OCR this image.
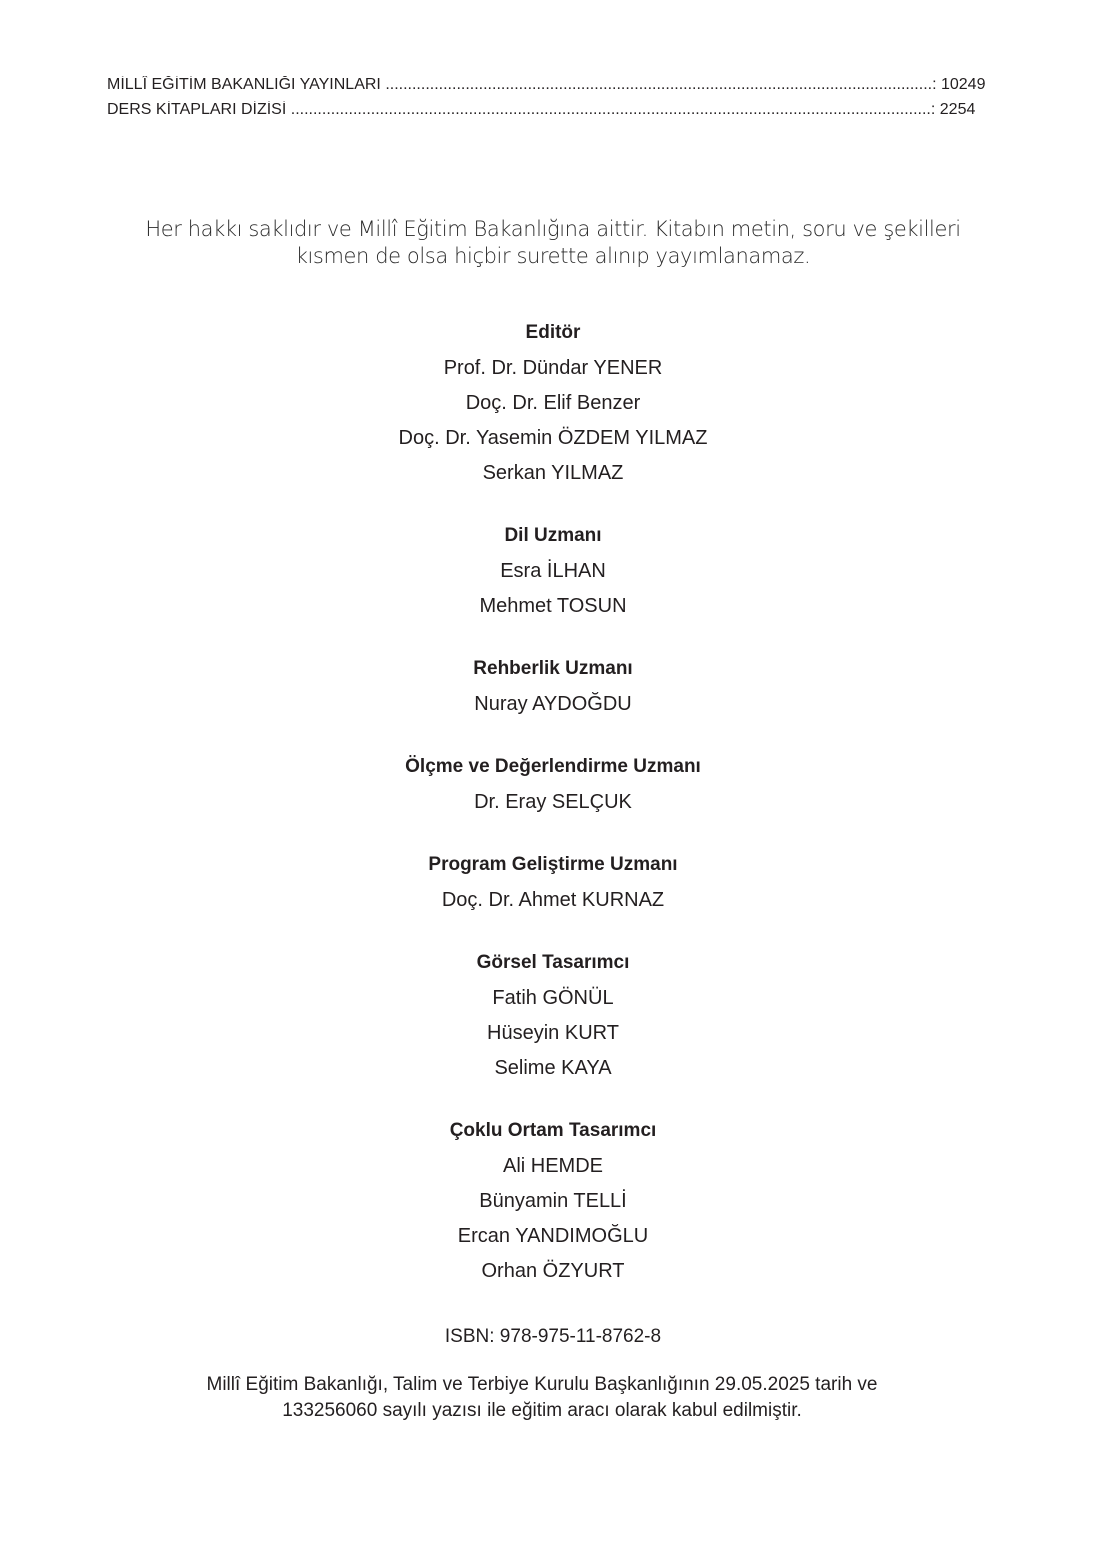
MİLLÎ EĞİTİM BAKANLIĞI YAYINLARI ...........................................................................................................................: 10249
DERS KİTAPLARI DİZİSİ ................................................................................................................................................: 2254

Her hakkı saklıdır ve Millî Eğitim Bakanlığına aittir. Kitabın metin, soru ve şekilleri

kısmen de olsa hiçbir surette alınıp yayımlanamaz.

Editör
Prof. Dr. Dündar YENER
Doç. Dr. Elif Benzer
Doç. Dr. Yasemin ÖZDEM YILMAZ
Serkan YILMAZ
Dil Uzmanı
Esra İLHAN
Mehmet TOSUN
Rehberlik Uzmanı
Nuray AYDOĞDU
Ölçme ve Değerlendirme Uzmanı
Dr. Eray SELÇUK
Program Geliştirme Uzmanı
Doç. Dr. Ahmet KURNAZ
Görsel Tasarımcı
Fatih GÖNÜL
Hüseyin KURT
Selime KAYA
Çoklu Ortam Tasarımcı
Ali HEMDE
Bünyamin TELLİ
Ercan YANDIMOĞLU
Orhan ÖZYURT
ISBN: 978-975-11-8762-8

Millî Eğitim Bakanlığı, Talim ve Terbiye Kurulu Başkanlığının 29.05.2025 tarih ve

133256060 sayılı yazısı ile eğitim aracı olarak kabul edilmiştir.
